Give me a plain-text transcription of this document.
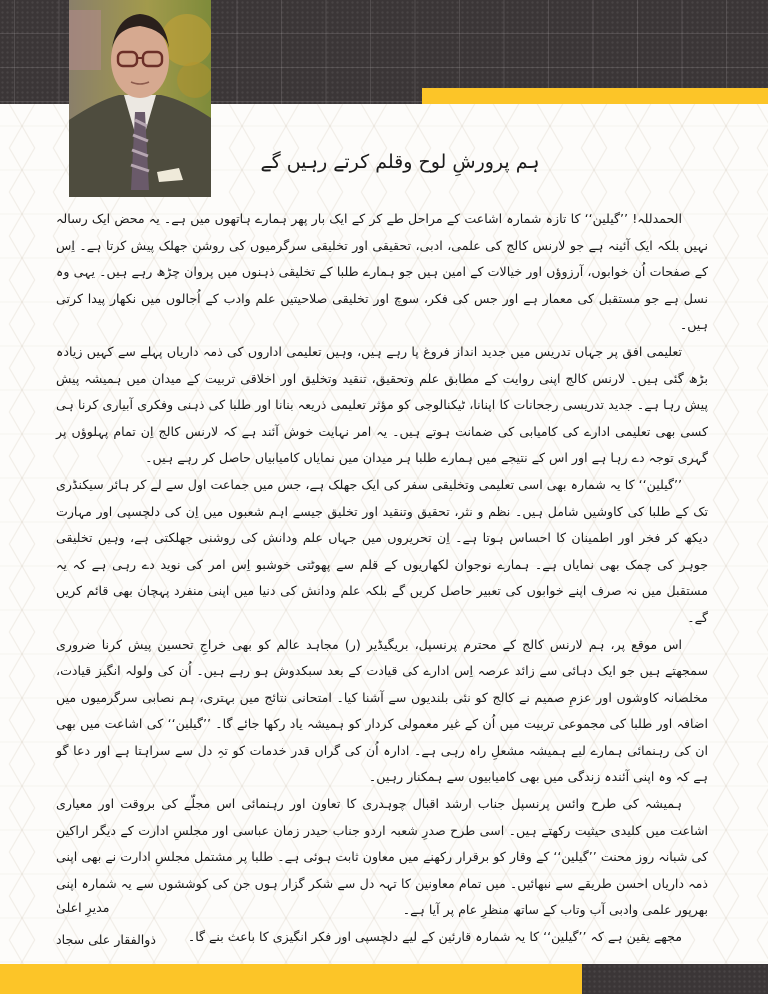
ہم پرورشِ لوح وقلم کرتے رہیں گے

الحمدللہ! ’’گیلین‘‘ کا تازہ شمارہ اشاعت کے مراحل طے کر کے ایک بار پھر ہمارے ہاتھوں میں ہے۔ یہ محض ایک رسالہ نہیں بلکہ ایک آئینہ ہے جو لارنس کالج کی علمی، ادبی، تحقیقی اور تخلیقی سرگرمیوں کی روشن جھلک پیش کرتا ہے۔ اِس کے صفحات اُن خوابوں، آرزوؤں اور خیالات کے امین ہیں جو ہمارے طلبا کے تخلیقی ذہنوں میں پروان چڑھ رہے ہیں۔ یہی وہ نسل ہے جو مستقبل کی معمار ہے اور جس کی فکر، سوچ اور تخلیقی صلاحیتیں علم وادب کے اُجالوں میں نکھار پیدا کرتی ہیں۔

تعلیمی افق پر جہاں تدریس میں جدید انداز فروغ پا رہے ہیں، وہیں تعلیمی اداروں کی ذمہ داریاں پہلے سے کہیں زیادہ بڑھ گئی ہیں۔ لارنس کالج اپنی روایت کے مطابق علم وتحقیق، تنقید وتخلیق اور اخلاقی تربیت کے میدان میں ہمیشہ پیش پیش رہا ہے۔ جدید تدریسی رجحانات کا اپنانا، ٹیکنالوجی کو مؤثر تعلیمی ذریعہ بنانا اور طلبا کی ذہنی وفکری آبیاری کرنا ہی کسی بھی تعلیمی ادارے کی کامیابی کی ضمانت ہوتے ہیں۔ یہ امر نہایت خوش آئند ہے کہ لارنس کالج اِن تمام پہلوؤں پر گہری توجہ دے رہا ہے اور اس کے نتیجے میں ہمارے طلبا ہر میدان میں نمایاں کامیابیاں حاصل کر رہے ہیں۔

’’گیلین‘‘ کا یہ شمارہ بھی اسی تعلیمی وتخلیقی سفر کی ایک جھلک ہے، جس میں جماعت اول سے لے کر ہائر سیکنڈری تک کے طلبا کی کاوشیں شامل ہیں۔ نظم و نثر، تحقیق وتنقید اور تخلیق جیسے اہم شعبوں میں اِن کی دلچسپی اور مہارت دیکھ کر فخر اور اطمینان کا احساس ہوتا ہے۔ اِن تحریروں میں جہاں علم ودانش کی روشنی جھلکتی ہے، وہیں تخلیقی جوہر کی چمک بھی نمایاں ہے۔ ہمارے نوجوان لکھاریوں کے قلم سے پھوٹتی خوشبو اِس امر کی نوید دے رہی ہے کہ یہ مستقبل میں نہ صرف اپنے خوابوں کی تعبیر حاصل کریں گے بلکہ علم ودانش کی دنیا میں اپنی منفرد پہچان بھی قائم کریں گے۔

اس موقع پر، ہم لارنس کالج کے محترم پرنسپل، بریگیڈیر (ر) مجاہد عالم کو بھی خراجِ تحسین پیش کرنا ضروری سمجھتے ہیں جو ایک دہائی سے زائد عرصہ اِس ادارے کی قیادت کے بعد سبکدوش ہو رہے ہیں۔ اُن کی ولولہ انگیز قیادت، مخلصانہ کاوشوں اور عزمِ صمیم نے کالج کو نئی بلندیوں سے آشنا کیا۔ امتحانی نتائج میں بہتری، ہم نصابی سرگرمیوں میں اضافہ اور طلبا کی مجموعی تربیت میں اُن کے غیر معمولی کردار کو ہمیشہ یاد رکھا جائے گا۔ ’’گیلین‘‘ کی اشاعت میں بھی ان کی رہنمائی ہمارے لیے ہمیشہ مشعلِ راہ رہی ہے۔ ادارہ اُن کی گراں قدر خدمات کو تہِ دل سے سراہتا ہے اور دعا گو ہے کہ وہ اپنی آئندہ زندگی میں بھی کامیابیوں سے ہمکنار رہیں۔

ہمیشہ کی طرح وائس پرنسپل جناب ارشد اقبال چوہدری کا تعاون اور رہنمائی اس مجلّے کی بروقت اور معیاری اشاعت میں کلیدی حیثیت رکھتے ہیں۔ اسی طرح صدرِ شعبہ اردو جناب حیدر زمان عباسی اور مجلسِ ادارت کے دیگر اراکین کی شبانہ روز محنت ’’گیلین‘‘ کے وقار کو برقرار رکھنے میں معاون ثابت ہوئی ہے۔ طلبا پر مشتمل مجلسِ ادارت نے بھی اپنی ذمہ داریاں احسن طریقے سے نبھائیں۔ میں تمام معاونین کا تہہ دل سے شکر گزار ہوں جن کی کوششوں سے یہ شمارہ اپنی بھرپور علمی وادبی آب وتاب کے ساتھ منظرِ عام پر آیا ہے۔

مجھے یقین ہے کہ ’’گیلین‘‘ کا یہ شمارہ قارئین کے لیے دلچسپی اور فکر انگیزی کا باعث بنے گا۔

مدیرِ اعلیٰ
ذوالفقار علی سجاد
